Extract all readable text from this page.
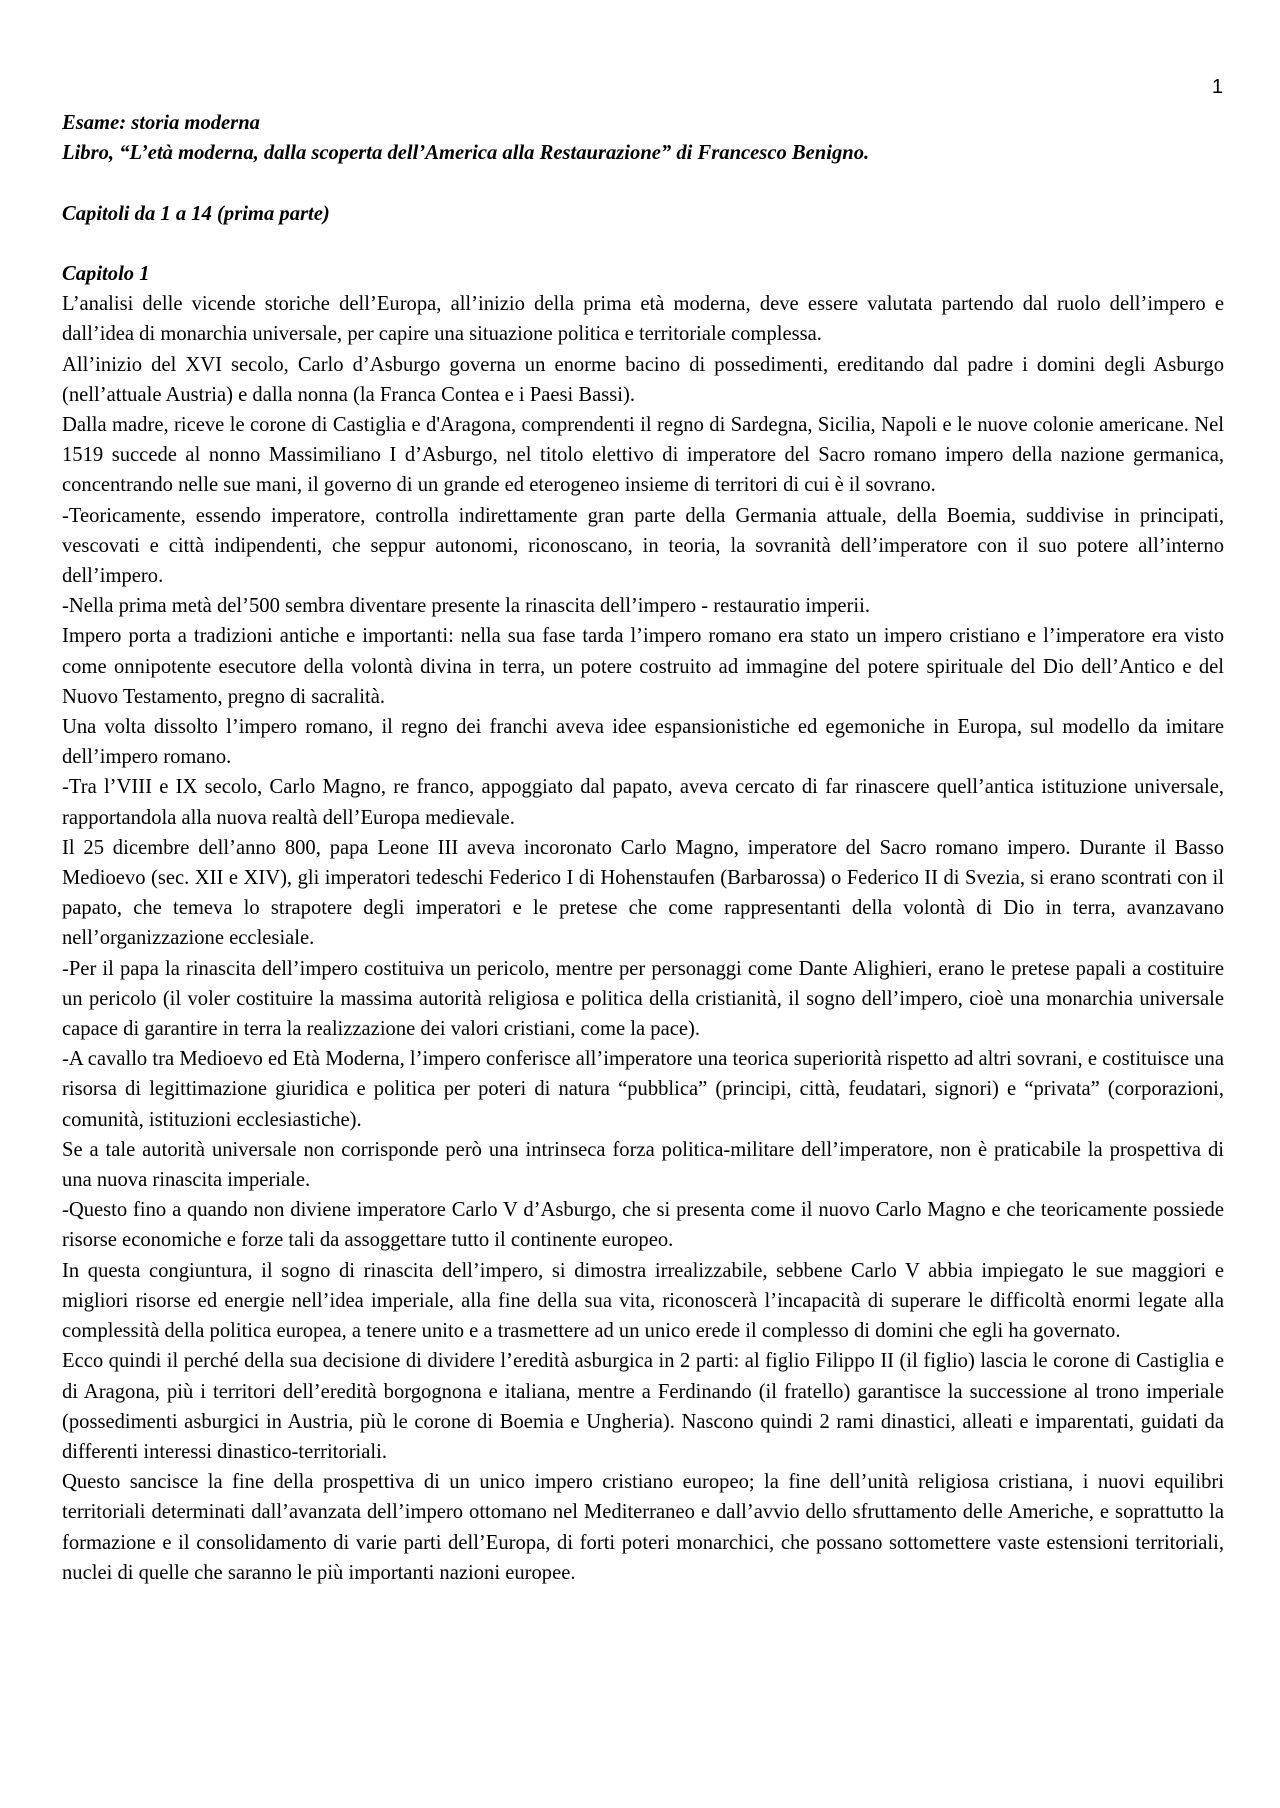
1

Esame: storia moderna

Libro, “L’età moderna, dalla scoperta dell’America alla Restaurazione” di Francesco Benigno.

Capitoli da 1 a 14 (prima parte)

Capitolo 1

L’analisi delle vicende storiche dell’Europa, all’inizio della prima età moderna, deve essere valutata partendo dal ruolo dell’impero e dall’idea di monarchia universale, per capire una situazione politica e territoriale complessa.

All’inizio del XVI secolo, Carlo d’Asburgo governa un enorme bacino di possedimenti, ereditando dal padre i domini degli Asburgo (nell’attuale Austria) e dalla nonna (la Franca Contea e i Paesi Bassi).

Dalla madre, riceve le corone di Castiglia e d'Aragona, comprendenti il regno di Sardegna, Sicilia, Napoli e le nuove colonie americane. Nel 1519 succede al nonno Massimiliano I d’Asburgo, nel titolo elettivo di imperatore del Sacro romano impero della nazione germanica, concentrando nelle sue mani, il governo di un grande ed eterogeneo insieme di territori di cui è il sovrano.

-Teoricamente, essendo imperatore, controlla indirettamente gran parte della Germania attuale, della Boemia, suddivise in principati, vescovati e città indipendenti, che seppur autonomi, riconoscano, in teoria, la sovranità dell’imperatore con il suo potere all’interno dell’impero.

-Nella prima metà del’500 sembra diventare presente la rinascita dell’impero - restauratio imperii.

Impero porta a tradizioni antiche e importanti: nella sua fase tarda l’impero romano era stato un impero cristiano e l’imperatore era visto come onnipotente esecutore della volontà divina in terra, un potere costruito ad immagine del potere spirituale del Dio dell’Antico e del Nuovo Testamento, pregno di sacralità.

Una volta dissolto l’impero romano, il regno dei franchi aveva idee espansionistiche ed egemoniche in Europa, sul modello da imitare dell’impero romano.

-Tra l’VIII e IX secolo, Carlo Magno, re franco, appoggiato dal papato, aveva cercato di far rinascere quell’antica istituzione universale, rapportandola alla nuova realtà dell’Europa medievale.

Il 25 dicembre dell’anno 800, papa Leone III aveva incoronato Carlo Magno, imperatore del Sacro romano impero. Durante il Basso Medioevo (sec. XII e XIV), gli imperatori tedeschi Federico I di Hohenstaufen (Barbarossa) o Federico II di Svezia, si erano scontrati con il papato, che temeva lo strapotere degli imperatori e le pretese che come rappresentanti della volontà di Dio in terra, avanzavano nell’organizzazione ecclesiale.

-Per il papa la rinascita dell’impero costituiva un pericolo, mentre per personaggi come Dante Alighieri, erano le pretese papali a costituire un pericolo (il voler costituire la massima autorità religiosa e politica della cristianità, il sogno dell’impero, cioè una monarchia universale capace di garantire in terra la realizzazione dei valori cristiani, come la pace).

-A cavallo tra Medioevo ed Età Moderna, l’impero conferisce all’imperatore una teorica superiorità rispetto ad altri sovrani, e costituisce una risorsa di legittimazione giuridica e politica per poteri di natura “pubblica” (principi, città, feudatari, signori) e “privata” (corporazioni, comunità, istituzioni ecclesiastiche).

Se a tale autorità universale non corrisponde però una intrinseca forza politica-militare dell’imperatore, non è praticabile la prospettiva di una nuova rinascita imperiale.

-Questo fino a quando non diviene imperatore Carlo V d’Asburgo, che si presenta come il nuovo Carlo Magno e che teoricamente possiede risorse economiche e forze tali da assoggettare tutto il continente europeo.

In questa congiuntura, il sogno di rinascita dell’impero, si dimostra irrealizzabile, sebbene Carlo V abbia impiegato le sue maggiori e migliori risorse ed energie nell’idea imperiale, alla fine della sua vita, riconoscerà l’incapacità di superare le difficoltà enormi legate alla complessità della politica europea, a tenere unito e a trasmettere ad un unico erede il complesso di domini che egli ha governato.

Ecco quindi il perché della sua decisione di dividere l’eredità asburgica in 2 parti: al figlio Filippo II (il figlio) lascia le corone di Castiglia e di Aragona, più i territori dell’eredità borgognona e italiana, mentre a Ferdinando (il fratello) garantisce la successione al trono imperiale (possedimenti asburgici in Austria, più le corone di Boemia e Ungheria). Nascono quindi 2 rami dinastici, alleati e imparentati, guidati da differenti interessi dinastico-territoriali.

Questo sancisce la fine della prospettiva di un unico impero cristiano europeo; la fine dell’unità religiosa cristiana, i nuovi equilibri territoriali determinati dall’avanzata dell’impero ottomano nel Mediterraneo e dall’avvio dello sfruttamento delle Americhe, e soprattutto la formazione e il consolidamento di varie parti dell’Europa, di forti poteri monarchici, che possano sottomettere vaste estensioni territoriali, nuclei di quelle che saranno le più importanti nazioni europee.
